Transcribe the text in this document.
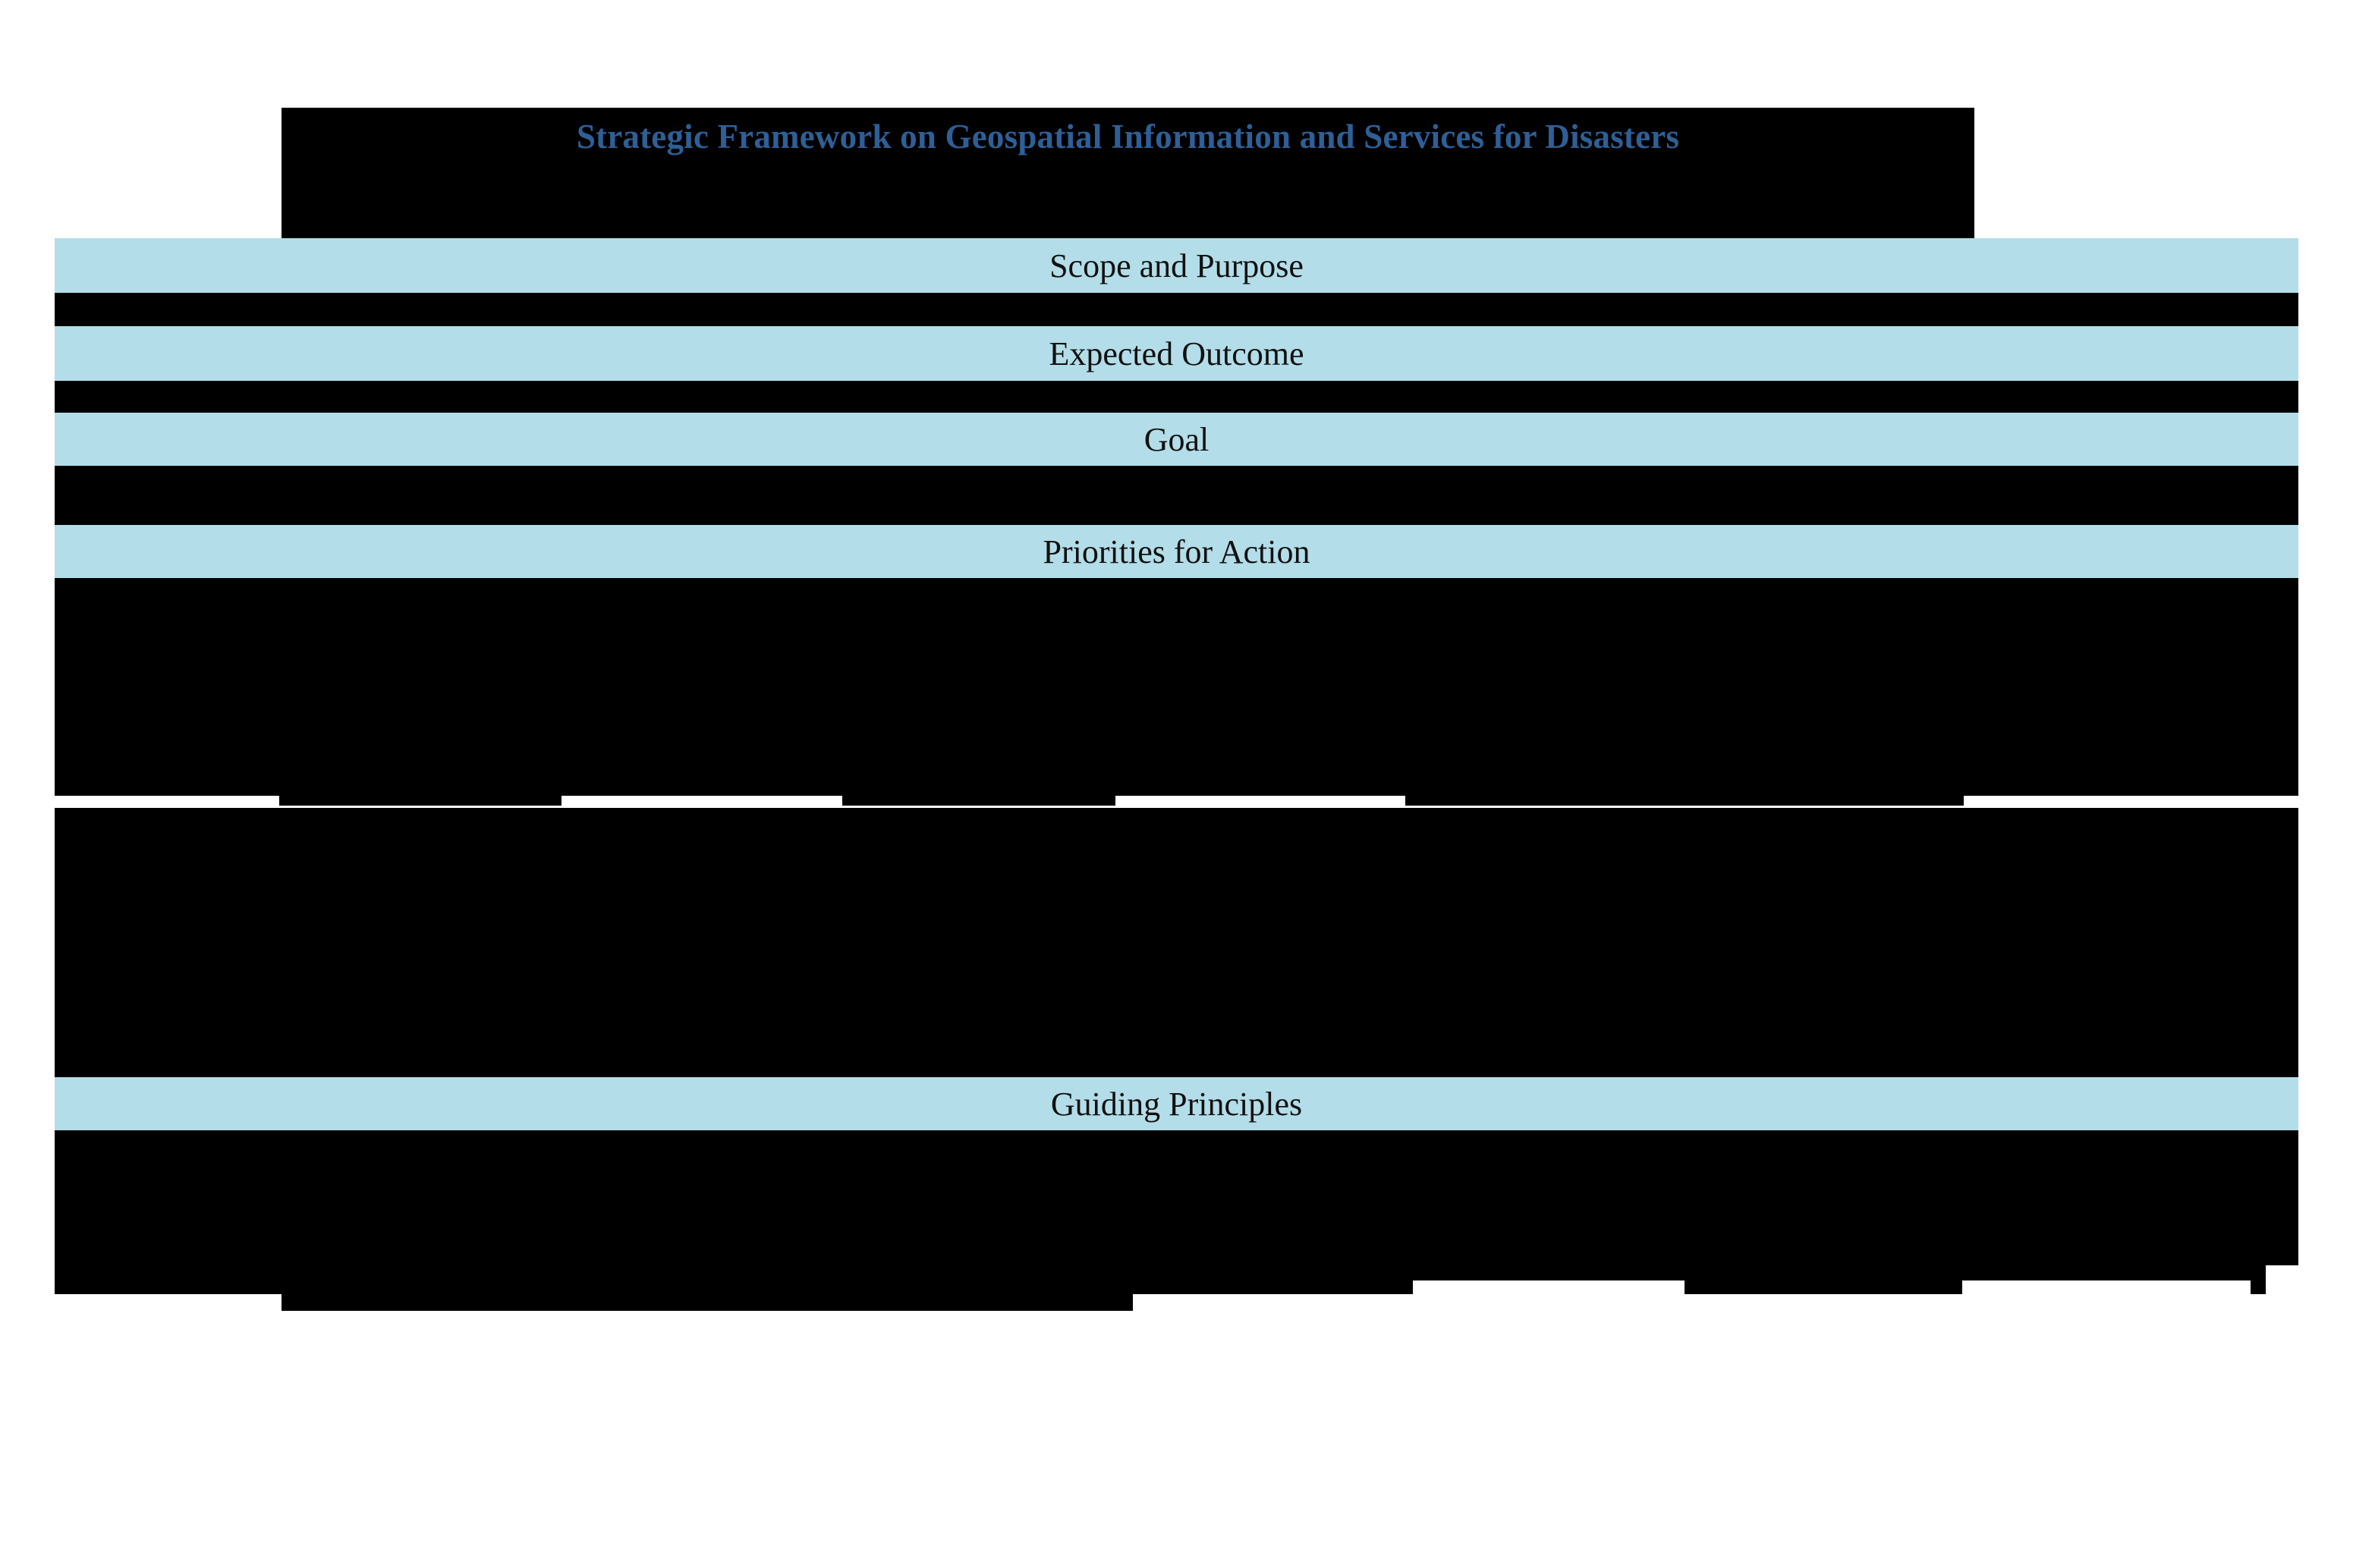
Strategic Framework on Geospatial Information and Services for Disasters
Scope and Purpose
Expected Outcome
Goal
Priorities for Action
Guiding Principles
